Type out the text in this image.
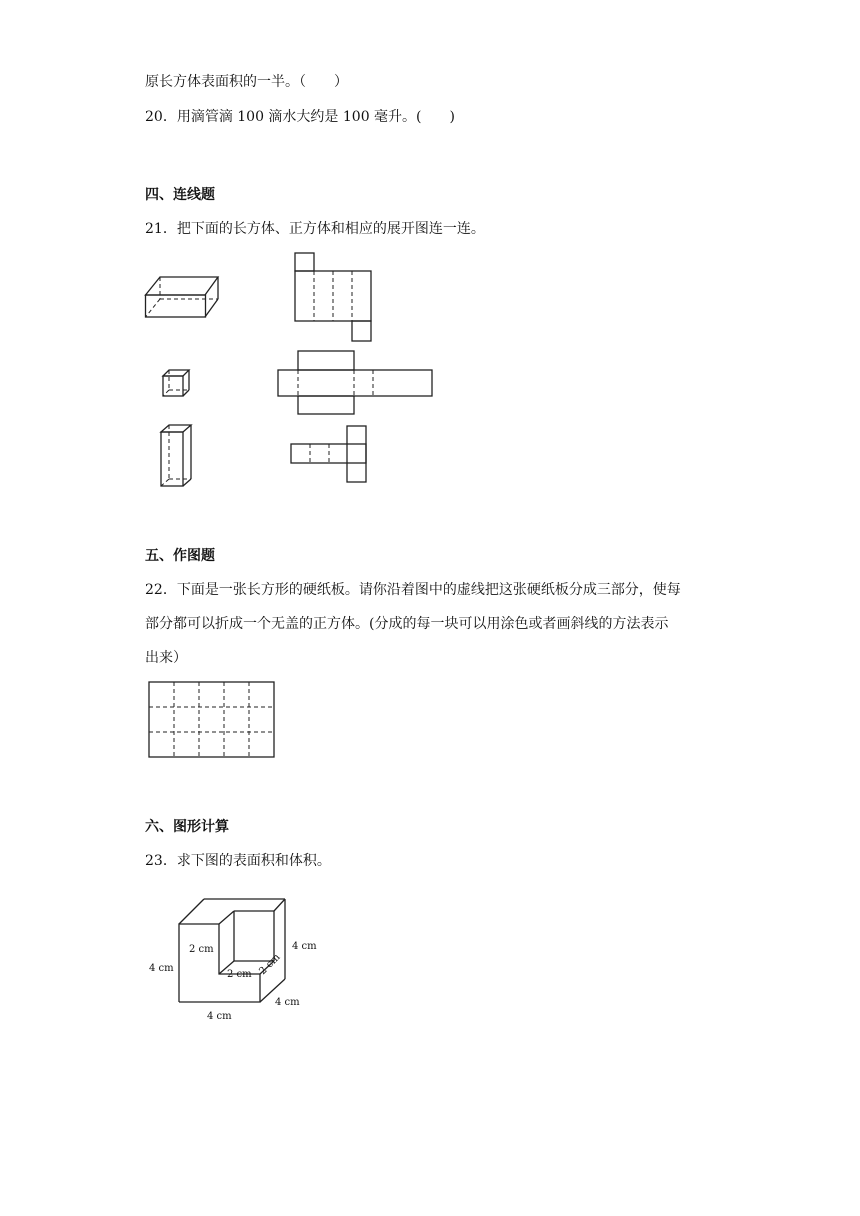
原长方体表面积的一半。（　　）
20．用滴管滴 100 滴水大约是 100 毫升。(　　)
四、连线题
21．把下面的长方体、正方体和相应的展开图连一连。
五、作图题
22．下面是一张长方形的硬纸板。请你沿着图中的虚线把这张硬纸板分成三部分，使每
部分都可以折成一个无盖的正方体。(分成的每一块可以用涂色或者画斜线的方法表示
出来）
六、图形计算
23．求下图的表面积和体积。
4 cm
2 cm
2 cm 2 cm
4 cm
4 cm
4 cm
